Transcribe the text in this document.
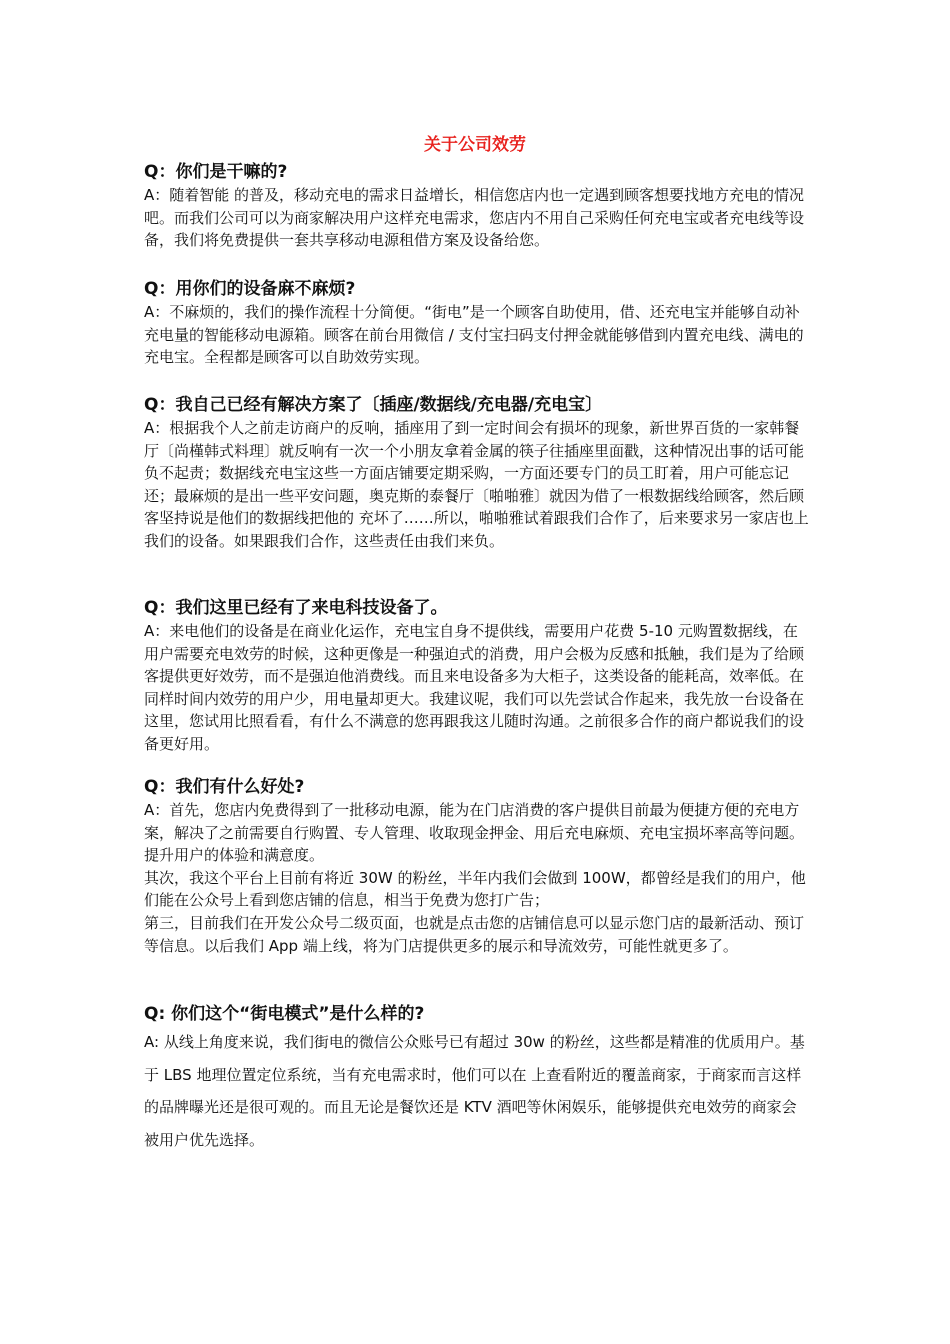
关于公司效劳
Q：你们是干嘛的?

A：随着智能 的普及，移动充电的需求日益增长，相信您店内也一定遇到顾客想要找地方充电的情况吧。而我们公司可以为商家解决用户这样充电需求，您店内不用自己采购任何充电宝或者充电线等设备，我们将免费提供一套共享移动电源租借方案及设备给您。

Q：用你们的设备麻不麻烦?

A：不麻烦的，我们的操作流程十分简便。“街电”是一个顾客自助使用，借、还充电宝并能够自动补充电量的智能移动电源箱。顾客在前台用微信 / 支付宝扫码支付押金就能够借到内置充电线、满电的充电宝。全程都是顾客可以自助效劳实现。

Q：我自己已经有解决方案了〔插座/数据线/充电器/充电宝〕

A：根据我个人之前走访商户的反响，插座用了到一定时间会有损坏的现象，新世界百货的一家韩餐厅〔尚槿韩式料理〕就反响有一次一个小朋友拿着金属的筷子往插座里面戳，这种情况出事的话可能负不起责；数据线充电宝这些一方面店铺要定期采购，一方面还要专门的员工盯着，用户可能忘记还；最麻烦的是出一些平安问题，奥克斯的泰餐厅〔啪啪雅〕就因为借了一根数据线给顾客，然后顾客坚持说是他们的数据线把他的 充坏了……所以，啪啪雅试着跟我们合作了，后来要求另一家店也上我们的设备。如果跟我们合作，这些责任由我们来负。

Q：我们这里已经有了来电科技设备了。

A：来电他们的设备是在商业化运作，充电宝自身不提供线，需要用户花费 5-10 元购置数据线，在用户需要充电效劳的时候，这种更像是一种强迫式的消费，用户会极为反感和抵触，我们是为了给顾客提供更好效劳，而不是强迫他消费线。而且来电设备多为大柜子，这类设备的能耗高，效率低。在同样时间内效劳的用户少，用电量却更大。我建议呢，我们可以先尝试合作起来，我先放一台设备在这里，您试用比照看看，有什么不满意的您再跟我这儿随时沟通。之前很多合作的商户都说我们的设备更好用。

Q：我们有什么好处?

A：首先，您店内免费得到了一批移动电源，能为在门店消费的客户提供目前最为便捷方便的充电方案，解决了之前需要自行购置、专人管理、收取现金押金、用后充电麻烦、充电宝损坏率高等问题。提升用户的体验和满意度。

其次，我这个平台上目前有将近 30W 的粉丝，半年内我们会做到 100W，都曾经是我们的用户，他们能在公众号上看到您店铺的信息，相当于免费为您打广告；

第三，目前我们在开发公众号二级页面，也就是点击您的店铺信息可以显示您门店的最新活动、预订 等信息。以后我们 App 端上线，将为门店提供更多的展示和导流效劳，可能性就更多了。

Q: 你们这个“街电模式”是什么样的?

A: 从线上角度来说，我们街电的微信公众账号已有超过 30w 的粉丝，这些都是精准的优质用户。基于 LBS 地理位置定位系统，当有充电需求时，他们可以在 上查看附近的覆盖商家，于商家而言这样的品牌曝光还是很可观的。而且无论是餐饮还是 KTV 酒吧等休闲娱乐，能够提供充电效劳的商家会被用户优先选择。
